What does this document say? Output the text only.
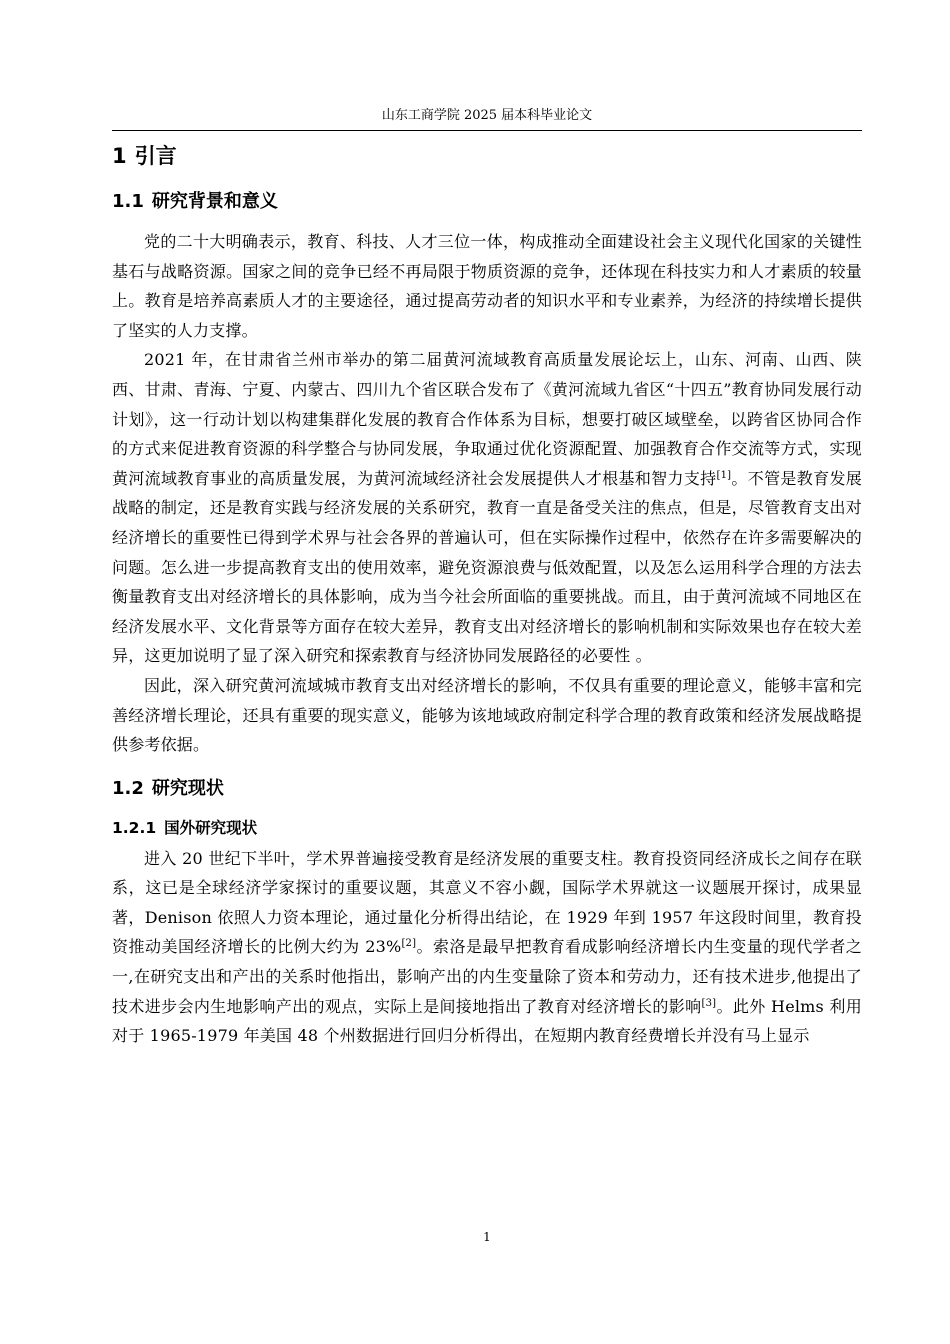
山东工商学院 2025 届本科毕业论文
1 引言
1.1 研究背景和意义

党的二十大明确表示，教育、科技、人才三位一体，构成推动全面建设社会主义现代化国家的关键性基石与战略资源。国家之间的竞争已经不再局限于物质资源的竞争，还体现在科技实力和人才素质的较量上。教育是培养高素质人才的主要途径，通过提高劳动者的知识水平和专业素养，为经济的持续增长提供了坚实的人力支撑。

2021 年，在甘肃省兰州市举办的第二届黄河流域教育高质量发展论坛上，山东、河南、山西、陕西、甘肃、青海、宁夏、内蒙古、四川九个省区联合发布了《黄河流域九省区“十四五”教育协同发展行动计划》，这一行动计划以构建集群化发展的教育合作体系为目标，想要打破区域壁垒，以跨省区协同合作的方式来促进教育资源的科学整合与协同发展，争取通过优化资源配置、加强教育合作交流等方式，实现黄河流域教育事业的高质量发展，为黄河流域经济社会发展提供人才根基和智力支持[1]。不管是教育发展战略的制定，还是教育实践与经济发展的关系研究，教育一直是备受关注的焦点，但是，尽管教育支出对经济增长的重要性已得到学术界与社会各界的普遍认可，但在实际操作过程中，依然存在许多需要解决的问题。怎么进一步提高教育支出的使用效率，避免资源浪费与低效配置，以及怎么运用科学合理的方法去衡量教育支出对经济增长的具体影响，成为当今社会所面临的重要挑战。而且，由于黄河流域不同地区在经济发展水平、文化背景等方面存在较大差异，教育支出对经济增长的影响机制和实际效果也存在较大差异，这更加说明了显了深入研究和探索教育与经济协同发展路径的必要性 。

因此，深入研究黄河流域城市教育支出对经济增长的影响，不仅具有重要的理论意义，能够丰富和完善经济增长理论，还具有重要的现实意义，能够为该地域政府制定科学合理的教育政策和经济发展战略提供参考依据。

1.2 研究现状
1.2.1 国外研究现状

进入 20 世纪下半叶，学术界普遍接受教育是经济发展的重要支柱。教育投资同经济成长之间存在联系，这已是全球经济学家探讨的重要议题，其意义不容小觑，国际学术界就这一议题展开探讨，成果显著，Denison 依照人力资本理论，通过量化分析得出结论，在 1929 年到 1957 年这段时间里，教育投资推动美国经济增长的比例大约为 23%[2]。索洛是最早把教育看成影响经济增长内生变量的现代学者之一,在研究支出和产出的关系时他指出，影响产出的内生变量除了资本和劳动力，还有技术进步,他提出了技术进步会内生地影响产出的观点，实际上是间接地指出了教育对经济增长的影响[3]。此外 Helms 利用对于 1965-1979 年美国 48 个州数据进行回归分析得出，在短期内教育经费增长并没有马上显示

1
